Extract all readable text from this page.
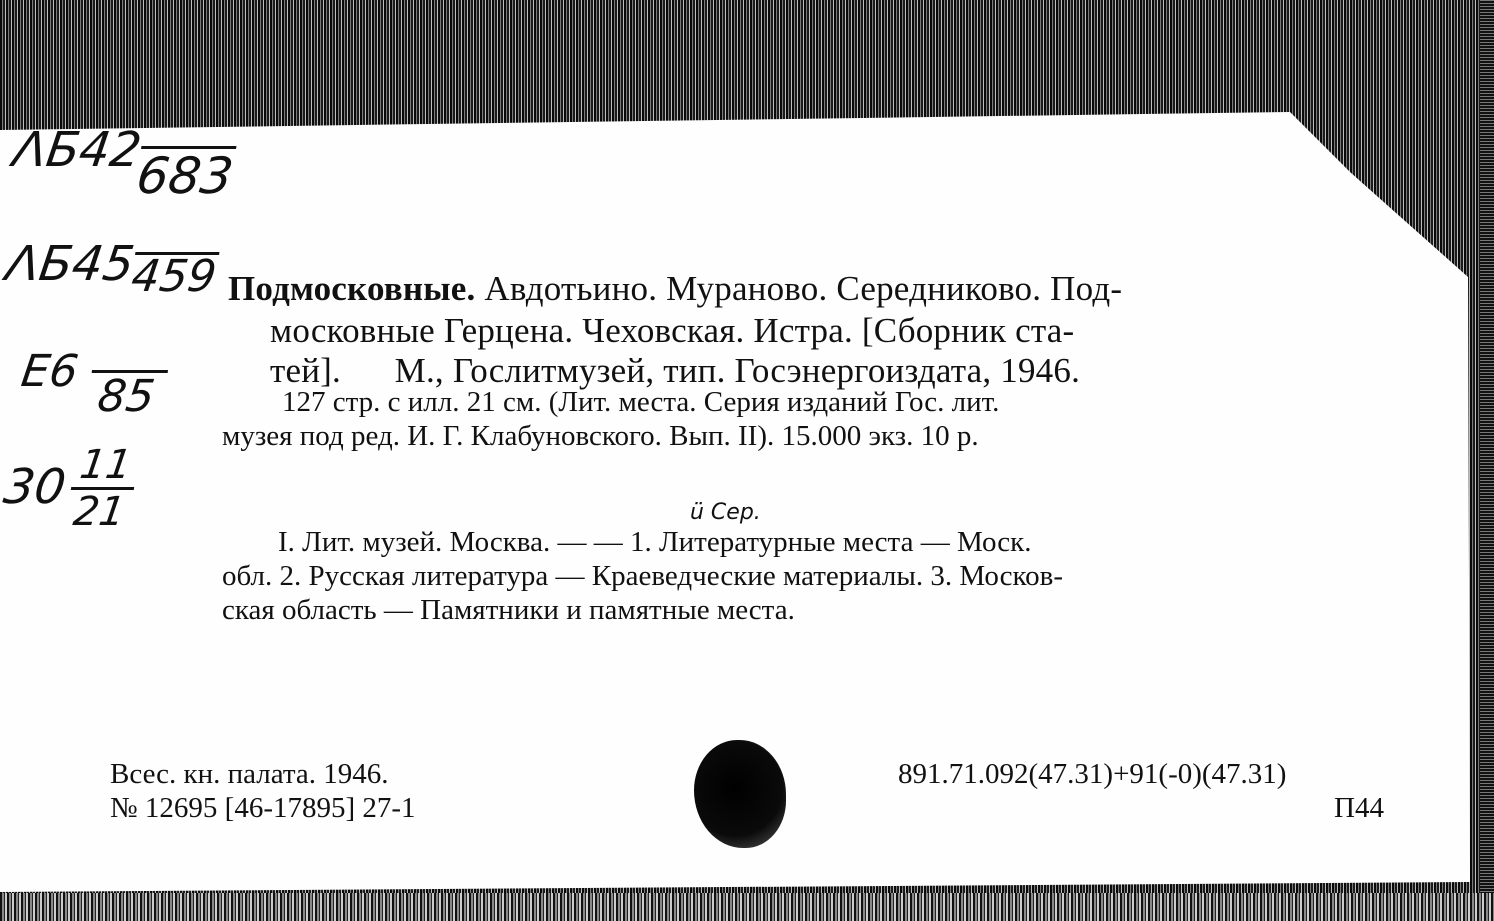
ΛБ42683
ΛБ45459
Е6 85
30
$\frac{11}{21}$
Подмосковные. Авдотьино. Мураново. Середниково. Под-
московные Герцена. Чеховская. Истра. [Сборник ста-
тей].      М., Гослитмузей, тип. Госэнергоиздата, 1946.
127 стр. с илл. 21 см. (Лит. места. Серия изданий Гос. лит.
музея под ред. И. Г. Клабуновского. Вып. II). 15.000 экз. 10 р.
ü Сер.
I. Лит. музей. Москва. — — 1. Литературные места — Моск.
обл. 2. Русская литература — Краеведческие материалы. 3. Москов-
ская область — Памятники и памятные места.
Всес. кн. палата. 1946.
№ 12695 [46-17895] 27-1
891.71.092(47.31)+91(-0)(47.31)
П44
